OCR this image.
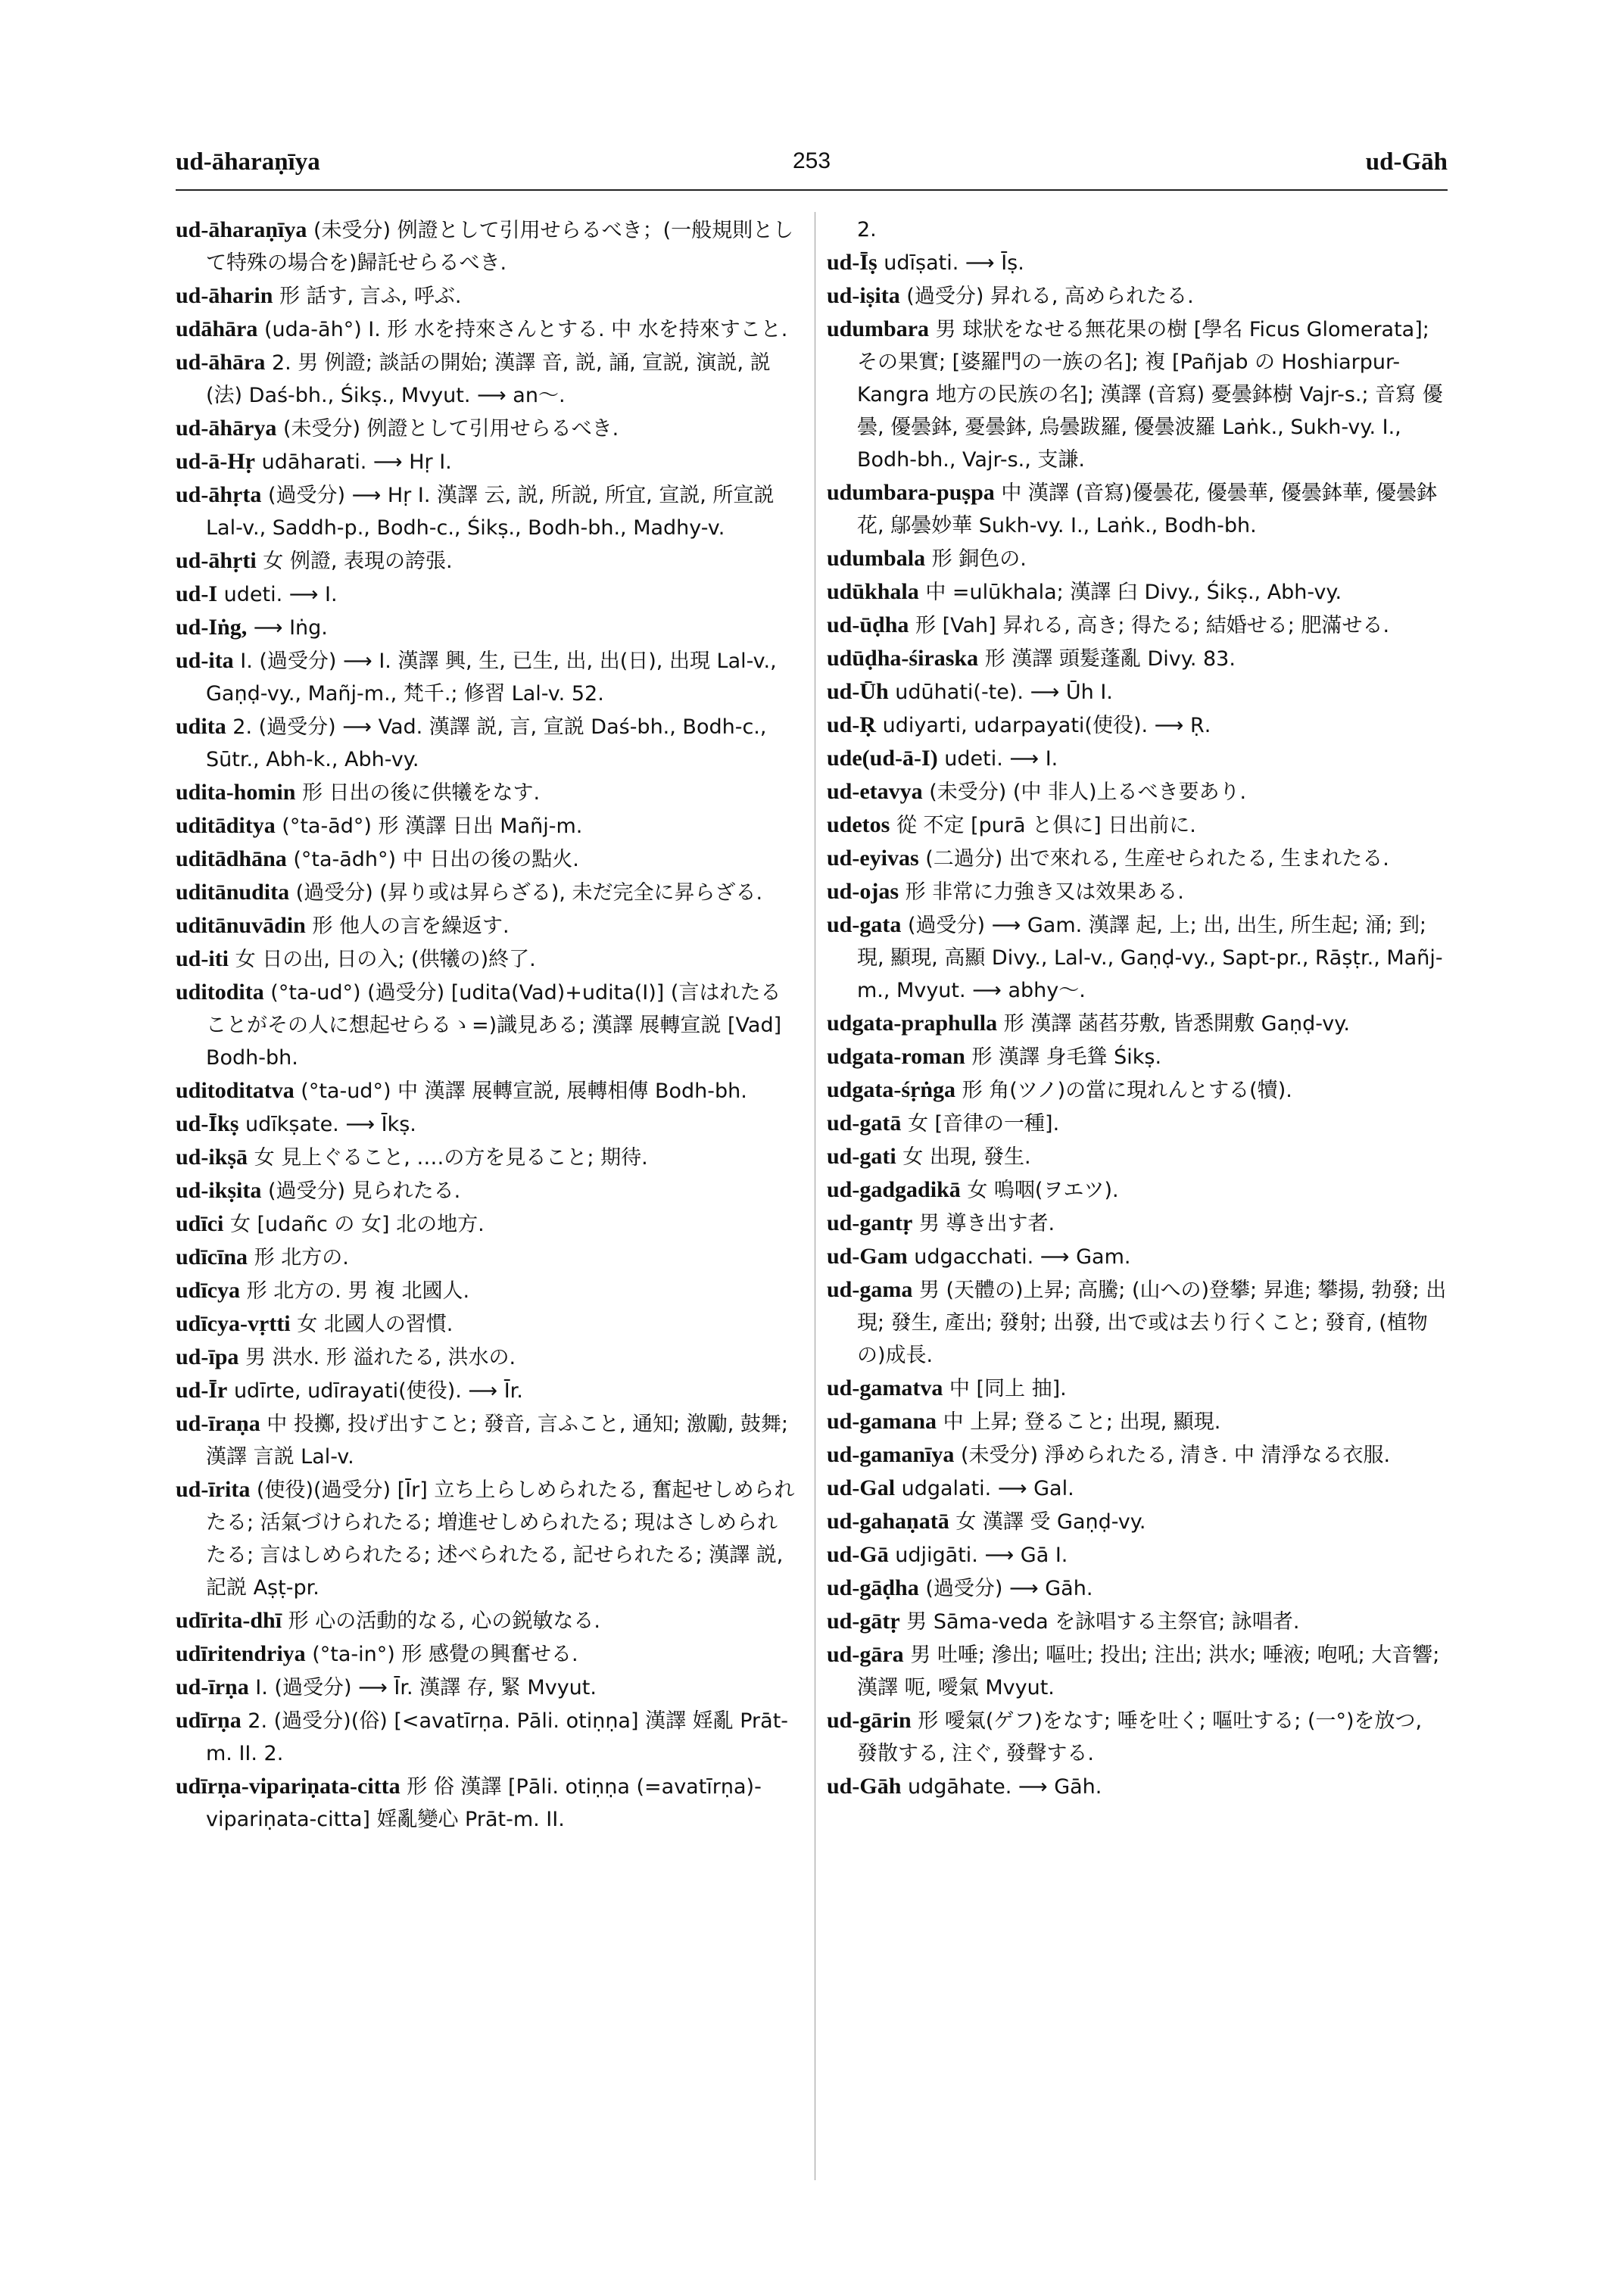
ud-āharaṇīya	253	ud-Gāh

ud-āharaṇīya (未受分) 例證として引用せらるべき；(一般規則として特殊の場合を)歸託せらるべき.

ud-āharin 形 話す, 言ふ, 呼ぶ.

udāhāra (uda-āh°) I. 形 水を持來さんとする. 中 水を持來すこと.

ud-āhāra 2. 男 例證; 談話の開始; 漢譯 音, 説, 誦, 宣説, 演説, 説(法) Daś-bh., Śikṣ., Mvyut. ⟶ an〜.

ud-āhārya (未受分) 例證として引用せらるべき.

ud-ā-Hṛ udāharati. ⟶ Hṛ I.

ud-āhṛta (過受分) ⟶ Hṛ I. 漢譯 云, 説, 所説, 所宜, 宣説, 所宣説 Lal-v., Saddh-p., Bodh-c., Śikṣ., Bodh-bh., Madhy-v.

ud-āhṛti 女 例證, 表現の誇張.

ud-I udeti. ⟶ I.

ud-Iṅg, ⟶ Iṅg.

ud-ita I. (過受分) ⟶ I. 漢譯 興, 生, 已生, 出, 出(日), 出現 Lal-v., Gaṇḍ-vy., Mañj-m., 梵千.; 修習 Lal-v. 52.

udita 2. (過受分) ⟶ Vad. 漢譯 説, 言, 宣説 Daś-bh., Bodh-c., Sūtr., Abh-k., Abh-vy.

udita-homin 形 日出の後に供犧をなす.

uditāditya (°ta-ād°) 形 漢譯 日出 Mañj-m.

uditādhāna (°ta-ādh°) 中 日出の後の點火.

uditānudita (過受分) (昇り或は昇らざる), 未だ完全に昇らざる.

uditānuvādin 形 他人の言を繰返す.

ud-iti 女 日の出, 日の入; (供犧の)終了.

uditodita (°ta-ud°) (過受分) [udita(Vad)+udita(I)] (言はれたることがその人に想起せらるゝ=)識見ある; 漢譯 展轉宣説 [Vad] Bodh-bh.

uditoditatva (°ta-ud°) 中 漢譯 展轉宣説, 展轉相傳 Bodh-bh.

ud-Īkṣ udīkṣate. ⟶ Īkṣ.

ud-ikṣā 女 見上ぐること, ‥‥の方を見ること; 期待.

ud-ikṣita (過受分) 見られたる.

udīci 女 [udañc の 女] 北の地方.

udīcīna 形 北方の.

udīcya 形 北方の. 男 複 北國人.

udīcya-vṛtti 女 北國人の習慣.

ud-īpa 男 洪水. 形 溢れたる, 洪水の.

ud-Īr udīrte, udīrayati(使役). ⟶ Īr.

ud-īraṇa 中 投擲, 投げ出すこと; 發音, 言ふこと, 通知; 激勵, 鼓舞; 漢譯 言説 Lal-v.

ud-īrita (使役)(過受分) [Īr] 立ち上らしめられたる, 奮起せしめられたる; 活氣づけられたる; 増進せしめられたる; 現はさしめられたる; 言はしめられたる; 述べられたる, 記せられたる; 漢譯 説, 記説 Aṣṭ-pr.

udīrita-dhī 形 心の活動的なる, 心の鋭敏なる.

udīritendriya (°ta-in°) 形 感覺の興奮せる.

ud-īrṇa I. (過受分) ⟶ Īr. 漢譯 存, 緊 Mvyut.

udīrṇa 2. (過受分)(俗) [<avatīrṇa. Pāli. otiṇṇa] 漢譯 婬亂 Prāt-m. II. 2.

udīrṇa-vipariṇata-citta 形 俗 漢譯 [Pāli. otiṇṇa (=avatīrṇa)-vipariṇata-citta] 婬亂變心 Prāt-m. II.

2.

ud-Īṣ udīṣati. ⟶ Īṣ.

ud-iṣita (過受分) 昇れる, 高められたる.

udumbara 男 球狀をなせる無花果の樹 [學名 Ficus Glomerata]; その果實; [婆羅門の一族の名]; 複 [Pañjab の Hoshiarpur-Kangra 地方の民族の名]; 漢譯 (音寫) 憂曇鉢樹 Vajr-s.; 音寫 優曇, 優曇鉢, 憂曇鉢, 烏曇跋羅, 優曇波羅 Laṅk., Sukh-vy. I., Bodh-bh., Vajr-s., 支謙.

udumbara-puṣpa 中 漢譯 (音寫)優曇花, 優曇華, 優曇鉢華, 優曇鉢花, 鄔曇妙華 Sukh-vy. I., Laṅk., Bodh-bh.

udumbala 形 銅色の.

udūkhala 中 =ulūkhala; 漢譯 臼 Divy., Śikṣ., Abh-vy.

ud-ūḍha 形 [Vah] 昇れる, 高き; 得たる; 結婚せる; 肥滿せる.

udūḍha-śiraska 形 漢譯 頭髮蓬亂 Divy. 83.

ud-Ūh udūhati(-te). ⟶ Ūh I.

ud-Ṛ udiyarti, udarpayati(使役). ⟶ Ṛ.

ude(ud-ā-I) udeti. ⟶ I.

ud-etavya (未受分) (中 非人)上るべき要あり.

udetos 從 不定 [purā と俱に] 日出前に.

ud-eyivas (二過分) 出で來れる, 生産せられたる, 生まれたる.

ud-ojas 形 非常に力強き又は效果ある.

ud-gata (過受分) ⟶ Gam. 漢譯 起, 上; 出, 出生, 所生起; 涌; 到; 現, 顯現, 高顯 Divy., Lal-v., Gaṇḍ-vy., Sapt-pr., Rāṣṭr., Mañj-m., Mvyut. ⟶ abhy〜.

udgata-praphulla 形 漢譯 菡萏芬敷, 皆悉開敷 Gaṇḍ-vy.

udgata-roman 形 漢譯 身毛聳 Śikṣ.

udgata-śṛṅga 形 角(ツノ)の當に現れんとする(犢).

ud-gatā 女 [音律の一種].

ud-gati 女 出現, 發生.

ud-gadgadikā 女 嗚咽(ヲエツ).

ud-gantṛ 男 導き出す者.

ud-Gam udgacchati. ⟶ Gam.

ud-gama 男 (天體の)上昇; 高騰; (山への)登攀; 昇進; 攀揚, 勃發; 出現; 發生, 產出; 發射; 出發, 出で或は去り行くこと; 發育, (植物の)成長.

ud-gamatva 中 [同上 抽].

ud-gamana 中 上昇; 登ること; 出現, 顯現.

ud-gamanīya (未受分) 淨められたる, 清き. 中 清淨なる衣服.

ud-Gal udgalati. ⟶ Gal.

ud-gahaṇatā 女 漢譯 受 Gaṇḍ-vy.

ud-Gā udjigāti. ⟶ Gā I.

ud-gāḍha (過受分) ⟶ Gāh.

ud-gātṛ 男 Sāma-veda を詠唱する主祭官; 詠唱者.

ud-gāra 男 吐唾; 滲出; 嘔吐; 投出; 注出; 洪水; 唾液; 咆吼; 大音響; 漢譯 呃, 噯氣 Mvyut.

ud-gārin 形 噯氣(ゲフ)をなす; 唾を吐く; 嘔吐する; (一°)を放つ, 發散する, 注ぐ, 發聲する.

ud-Gāh udgāhate. ⟶ Gāh.
